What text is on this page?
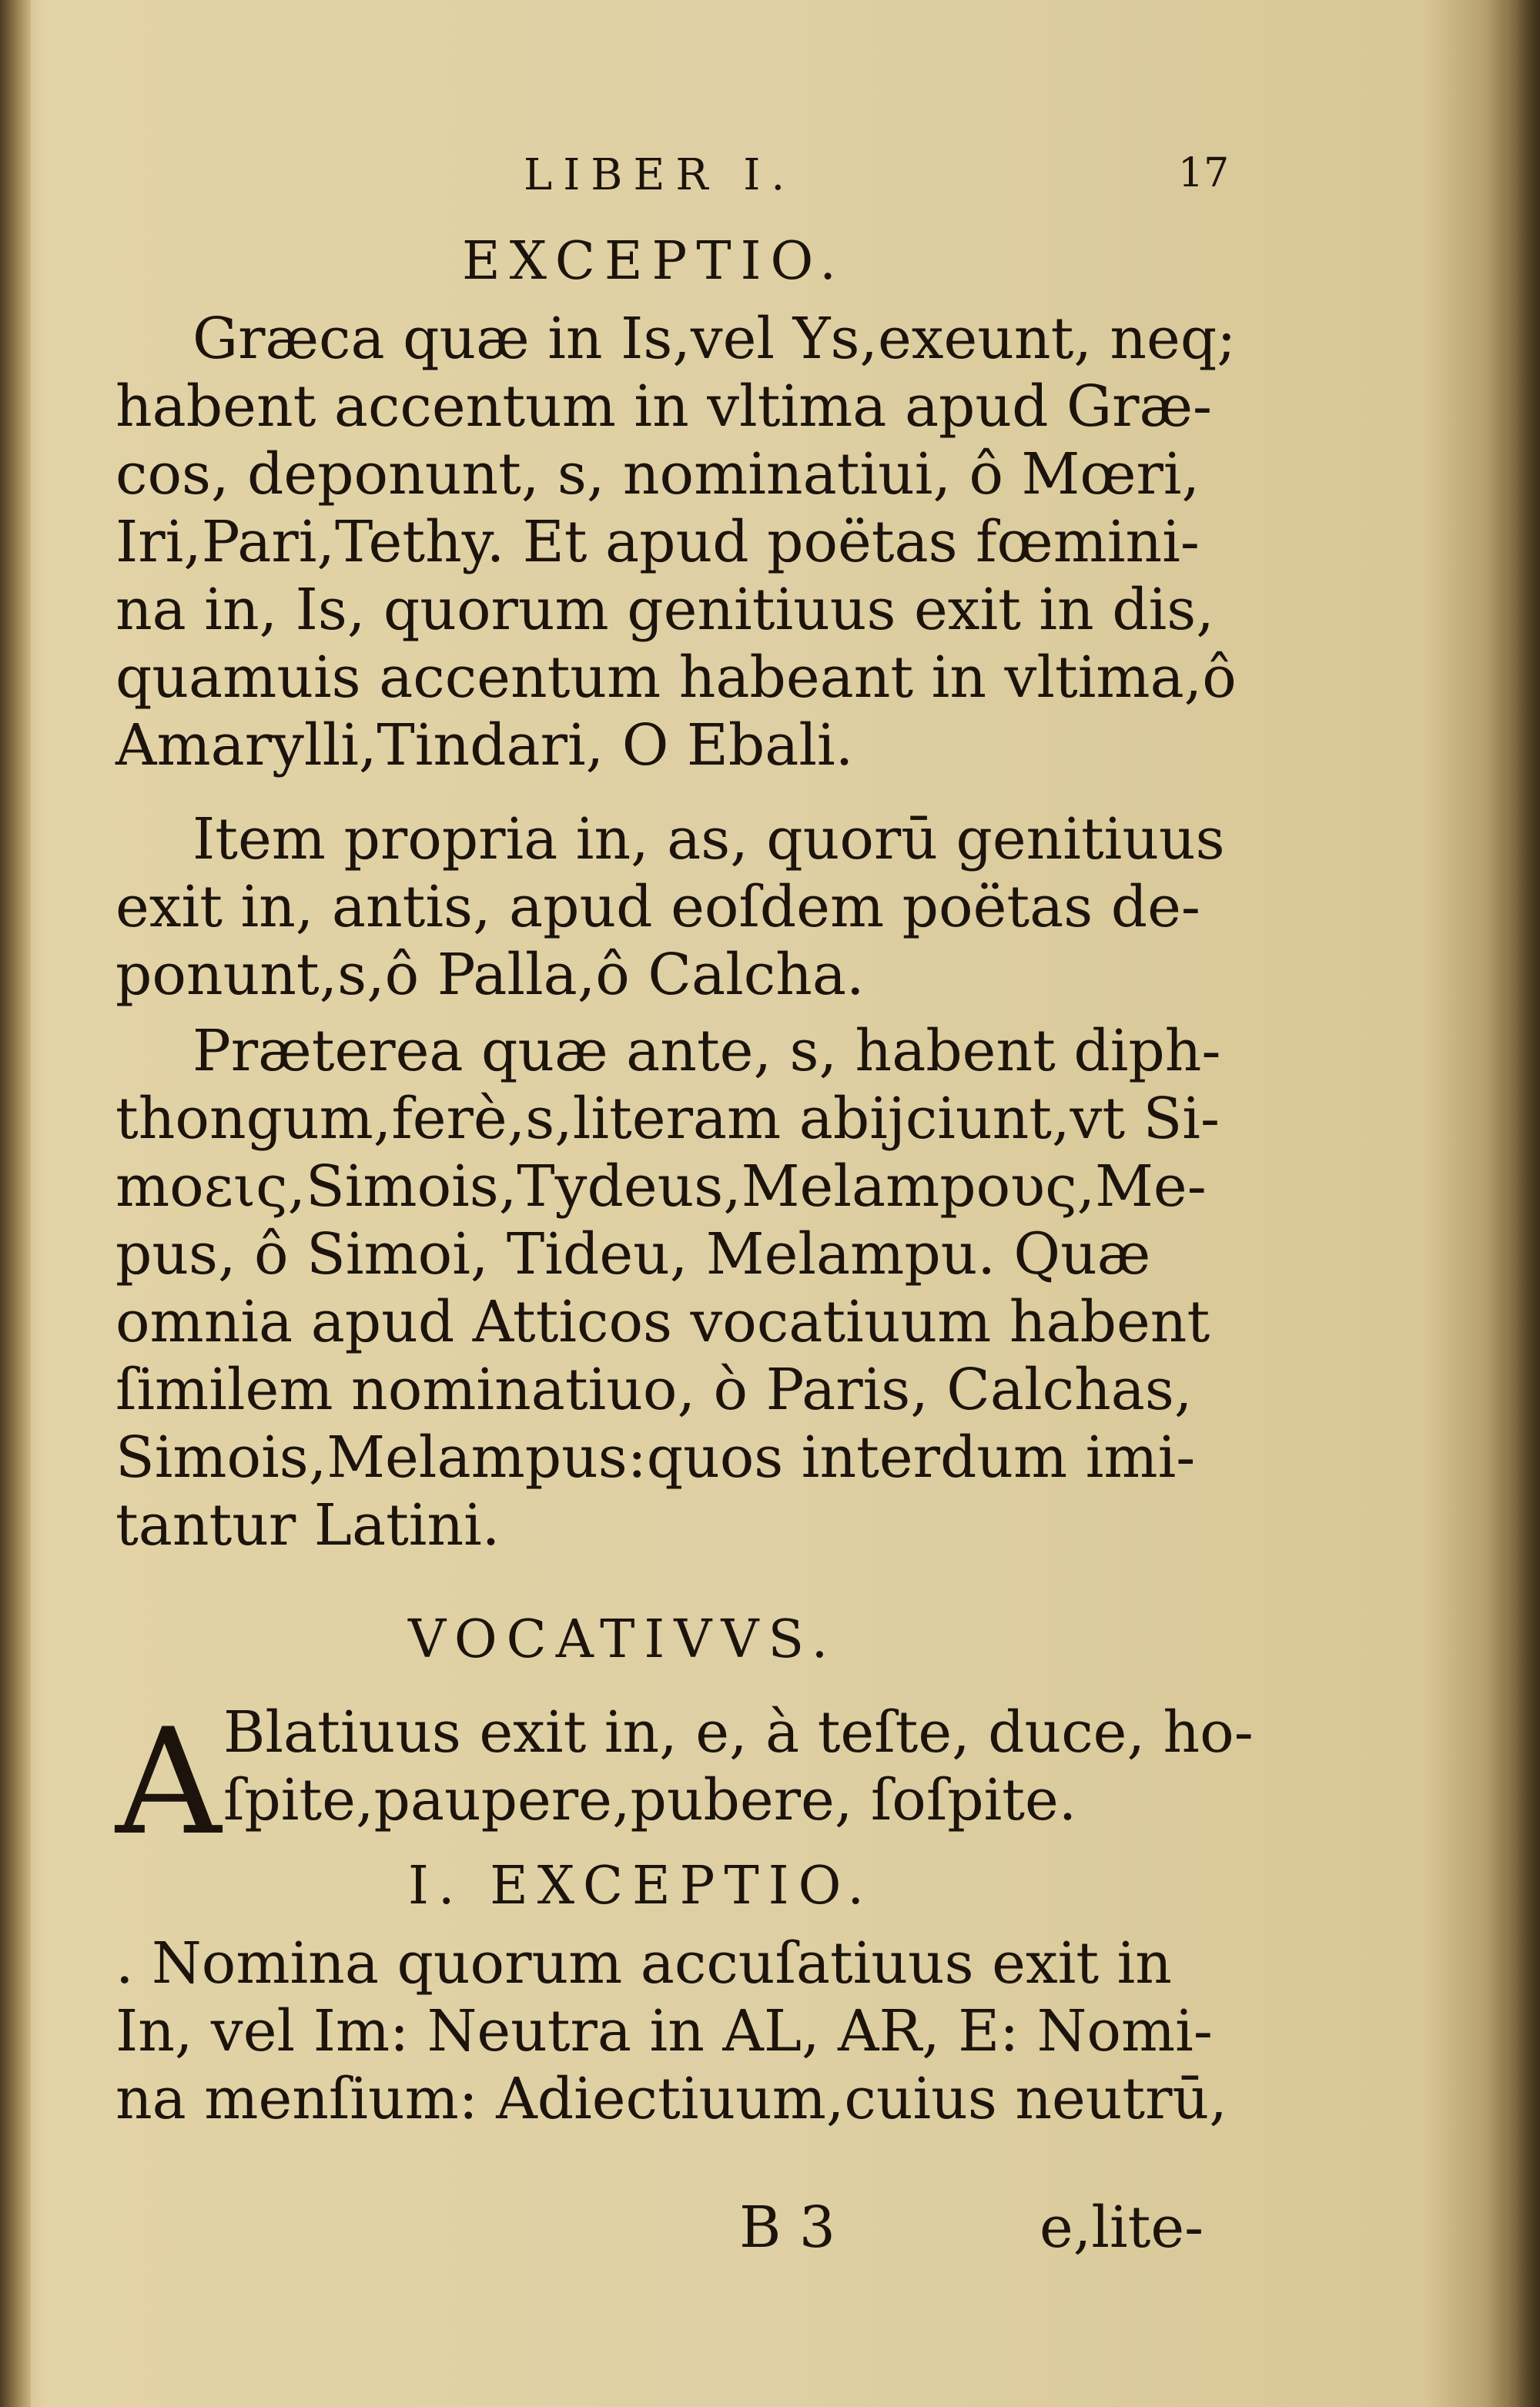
LIBER I.	17
EXCEPTIO.
Græca quæ in Is,vel Ys,exeunt, neq;
habent accentum in vltima apud Græ-
cos, deponunt, s, nominatiui, ô Mœri,
Iri,Pari,Tethy. Et apud poëtas fœmini-
na in, Is, quorum genitiuus exit in dis,
quamuis accentum habeant in vltima,ô
Amarylli,Tindari, O Ebali.
Item propria in, as, quorū genitiuus
exit in, antis, apud eoſdem poëtas de-
ponunt,s,ô Palla,ô Calcha.
Præterea quæ ante, s, habent diph-
thongum,ferè,s,literam abijciunt,vt Si-
moεις,Simois,Tydeus,Melampους,Me-
pus, ô Simoi, Tideu, Melampu. Quæ
omnia apud Atticos vocatiuum habent
ſimilem nominatiuo, ò Paris, Calchas,
Simois,Melampus:quos interdum imi-
tantur Latini.
VOCATIVVS.
A Blatiuus exit in, e, à teſte, duce, ho-
ſpite,paupere,pubere, ſoſpite.
I. EXCEPTIO.
. Nomina quorum accuſatiuus exit in
In, vel Im: Neutra in AL, AR, E: Nomi-
na menſium: Adiectiuum,cuius neutrū,
B 3	e,lite-
